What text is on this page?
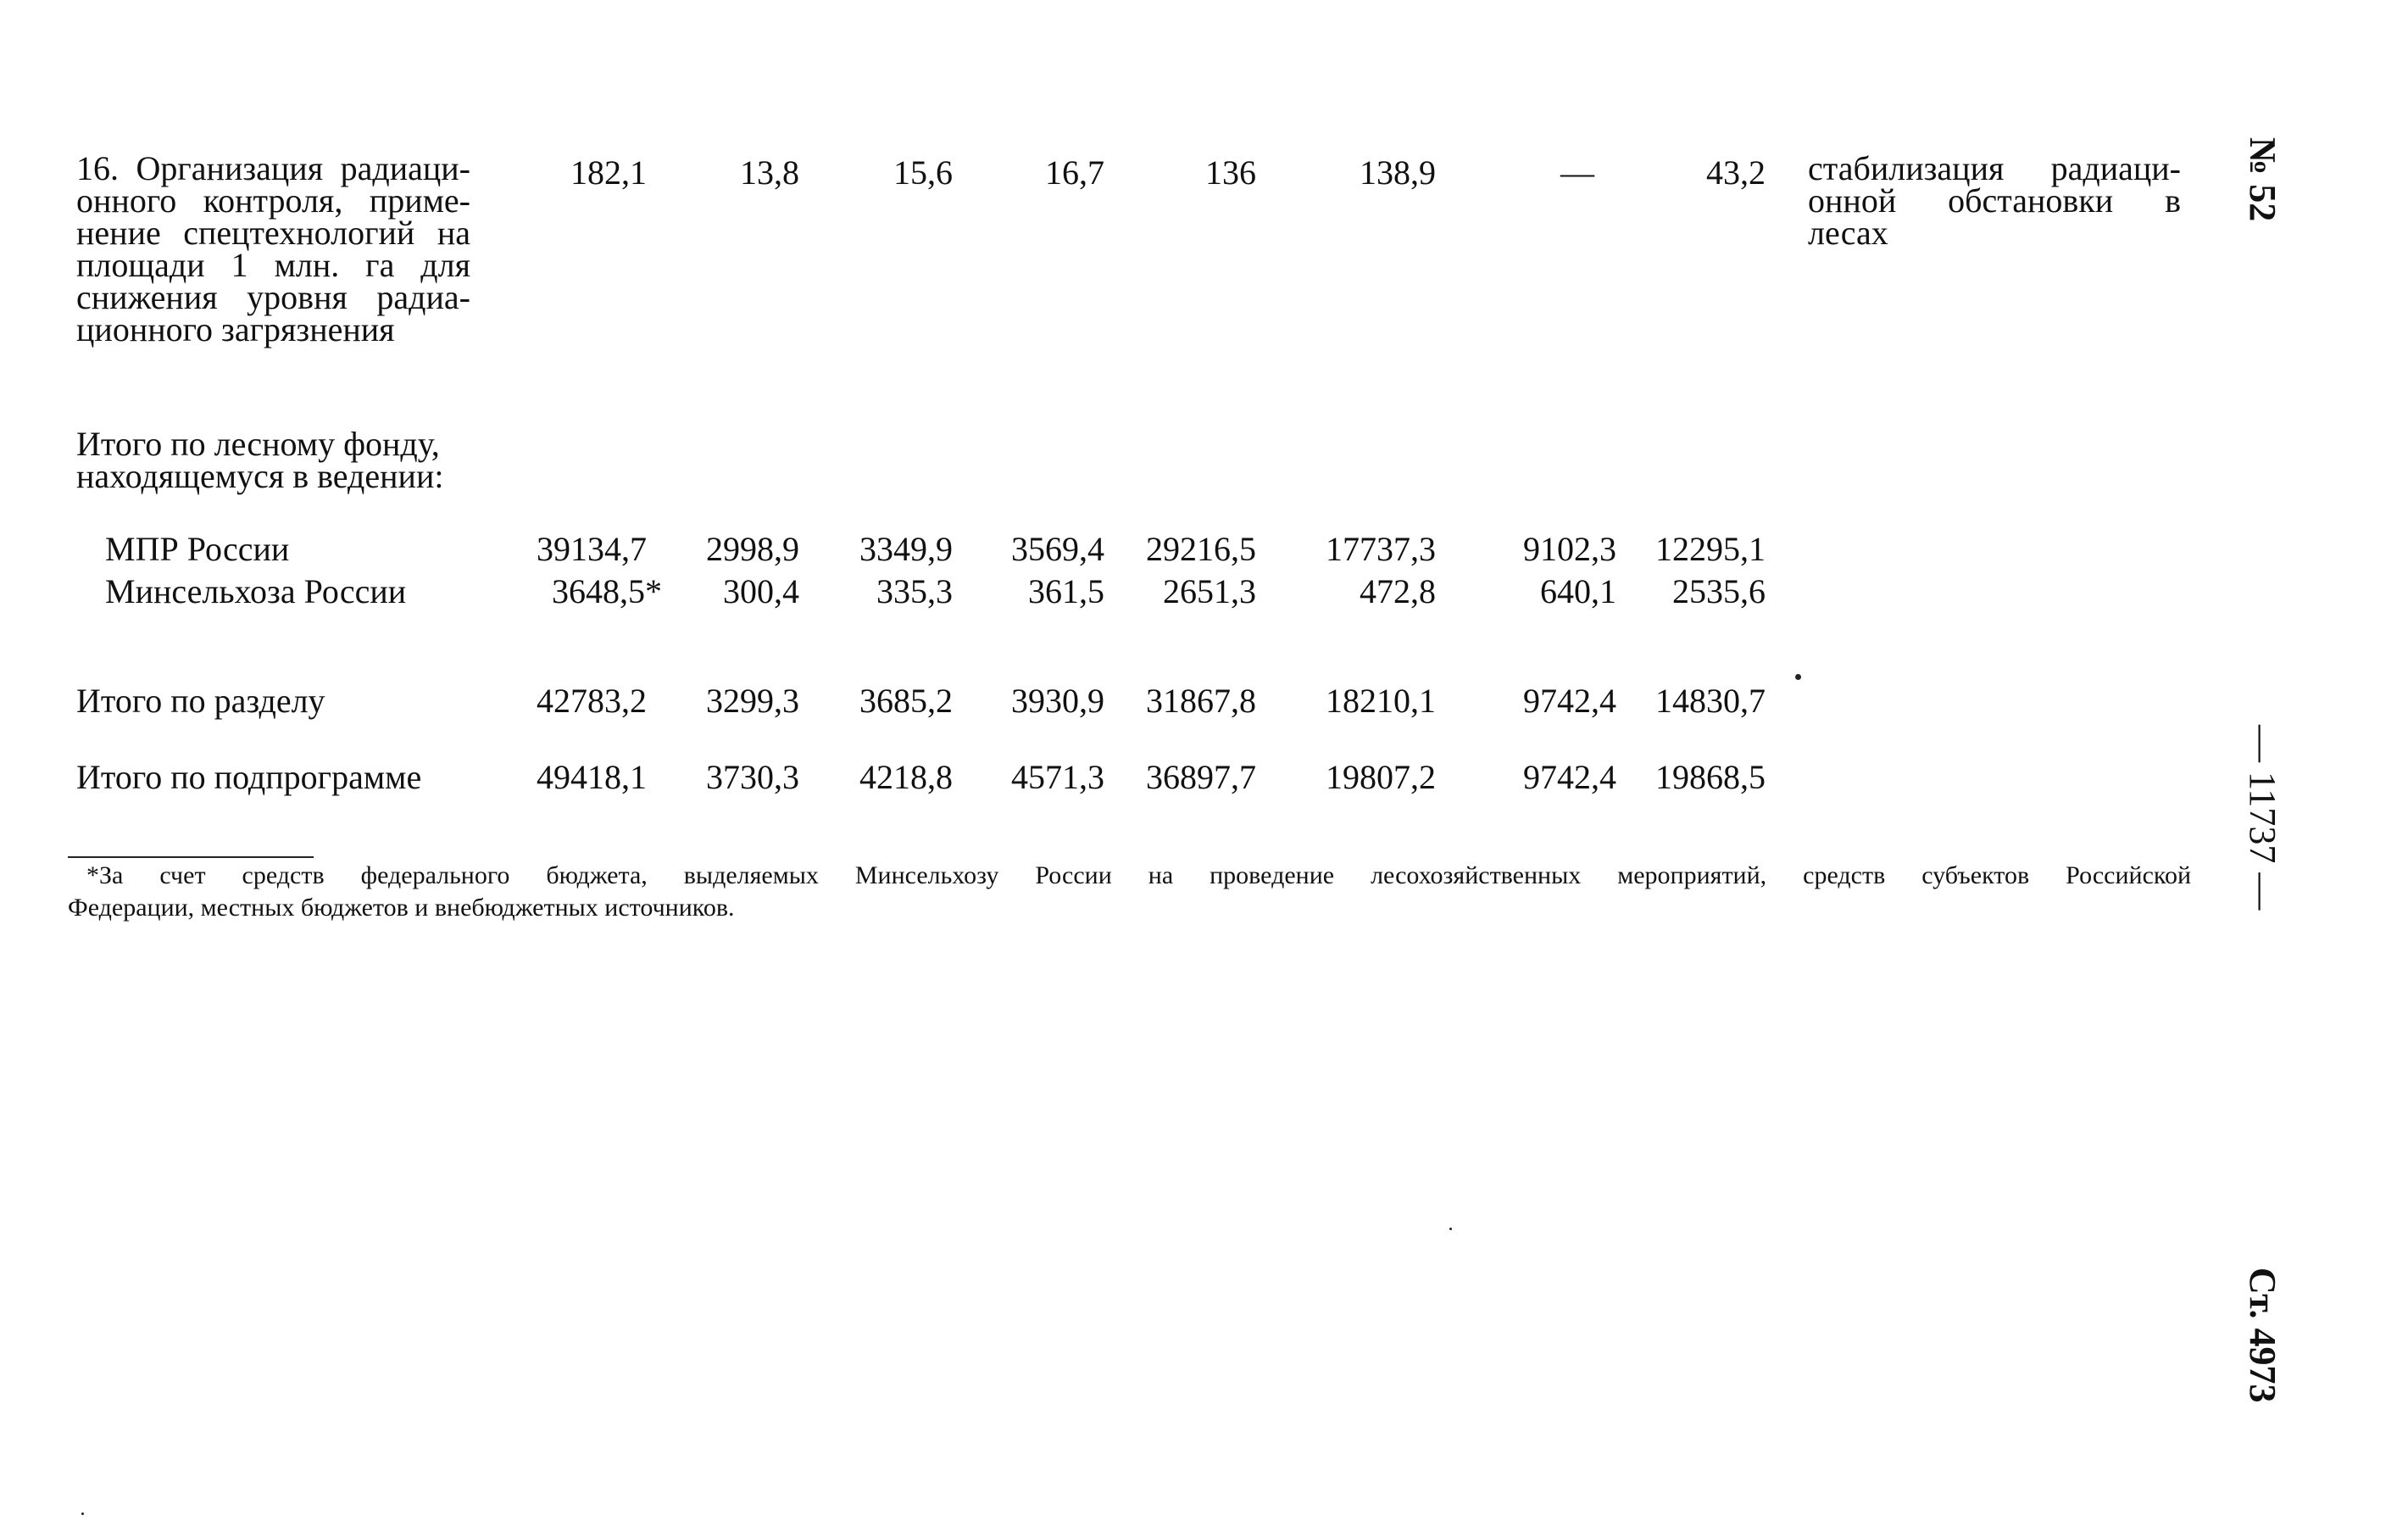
16. Организация радиаци-
онного контроля, приме-
нение спецтехнологий на
площади 1 млн. га для
снижения уровня радиа-
ционного загрязнения
182,1	13,8	15,6	16,7	136	138,9	—	43,2 стабилизация радиаци-
онной обстановки в лесах
Итого по лесному фонду,
находящемуся в ведении:
МПР России	39134,7 2998,9 3349,9 3569,4 29216,5 17737,3	9102,3 12295,1
Минсельхоза России	3648,5* 300,4 335,3 361,5 2651,3	472,8	640,1 2535,6
Итого по разделу	42783,2 3299,3 3685,2 3930,9 31867,8 18210,1	9742,4 14830,7
Итого по подпрограмме	49418,1 3730,3 4218,8 4571,3 36897,7 19807,2	9742,4 19868,5
*За счет средств федерального бюджета, выделяемых Минсельхозу России на проведение лесохозяйственных мероприятий, средств субъектов Российской
Федерации, местных бюджетов и внебюджетных источников.
№ 52
— 11737 —
Ст. 4973
